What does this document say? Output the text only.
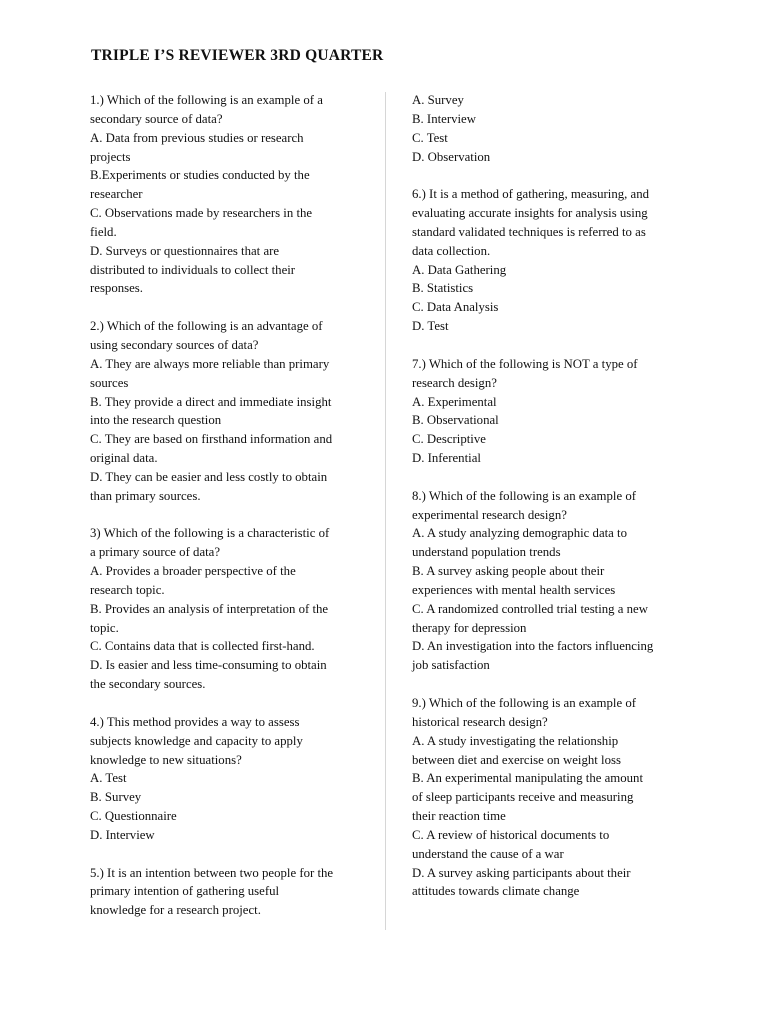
TRIPLE I’S REVIEWER 3RD QUARTER
1.) Which of the following is an example of a
secondary source of data?
A. Data from previous studies or research
projects
B.Experiments or studies conducted by the
researcher
C. Observations made by researchers in the
field.
D. Surveys or questionnaires that are
distributed to individuals to collect their
responses.
2.) Which of the following is an advantage of
using secondary sources of data?
A. They are always more reliable than primary
sources
B. They provide a direct and immediate insight
into the research question
C. They are based on firsthand information and
original data.
D. They can be easier and less costly to obtain
than primary sources.
3) Which of the following is a characteristic of
a primary source of data?
A. Provides a broader perspective of the
research topic.
B. Provides an analysis of interpretation of the
topic.
C. Contains data that is collected first-hand.
D. Is easier and less time-consuming to obtain
the secondary sources.
4.) This method provides a way to assess
subjects knowledge and capacity to apply
knowledge to new situations?
A. Test
B. Survey
C. Questionnaire
D. Interview
5.) It is an intention between two people for the
primary intention of gathering useful
knowledge for a research project.
A. Survey
B. Interview
C. Test
D. Observation
6.) It is a method of gathering, measuring, and
evaluating accurate insights for analysis using
standard validated techniques is referred to as
data collection.
A. Data Gathering
B. Statistics
C. Data Analysis
D. Test
7.) Which of the following is NOT a type of
research design?
A. Experimental
B. Observational
C. Descriptive
D. Inferential
8.) Which of the following is an example of
experimental research design?
A. A study analyzing demographic data to
understand population trends
B. A survey asking people about their
experiences with mental health services
C. A randomized controlled trial testing a new
therapy for depression
D. An investigation into the factors influencing
job satisfaction
9.) Which of the following is an example of
historical research design?
A. A study investigating the relationship
between diet and exercise on weight loss
B. An experimental manipulating the amount
of sleep participants receive and measuring
their reaction time
C. A review of historical documents to
understand the cause of a war
D. A survey asking participants about their
attitudes towards climate change
